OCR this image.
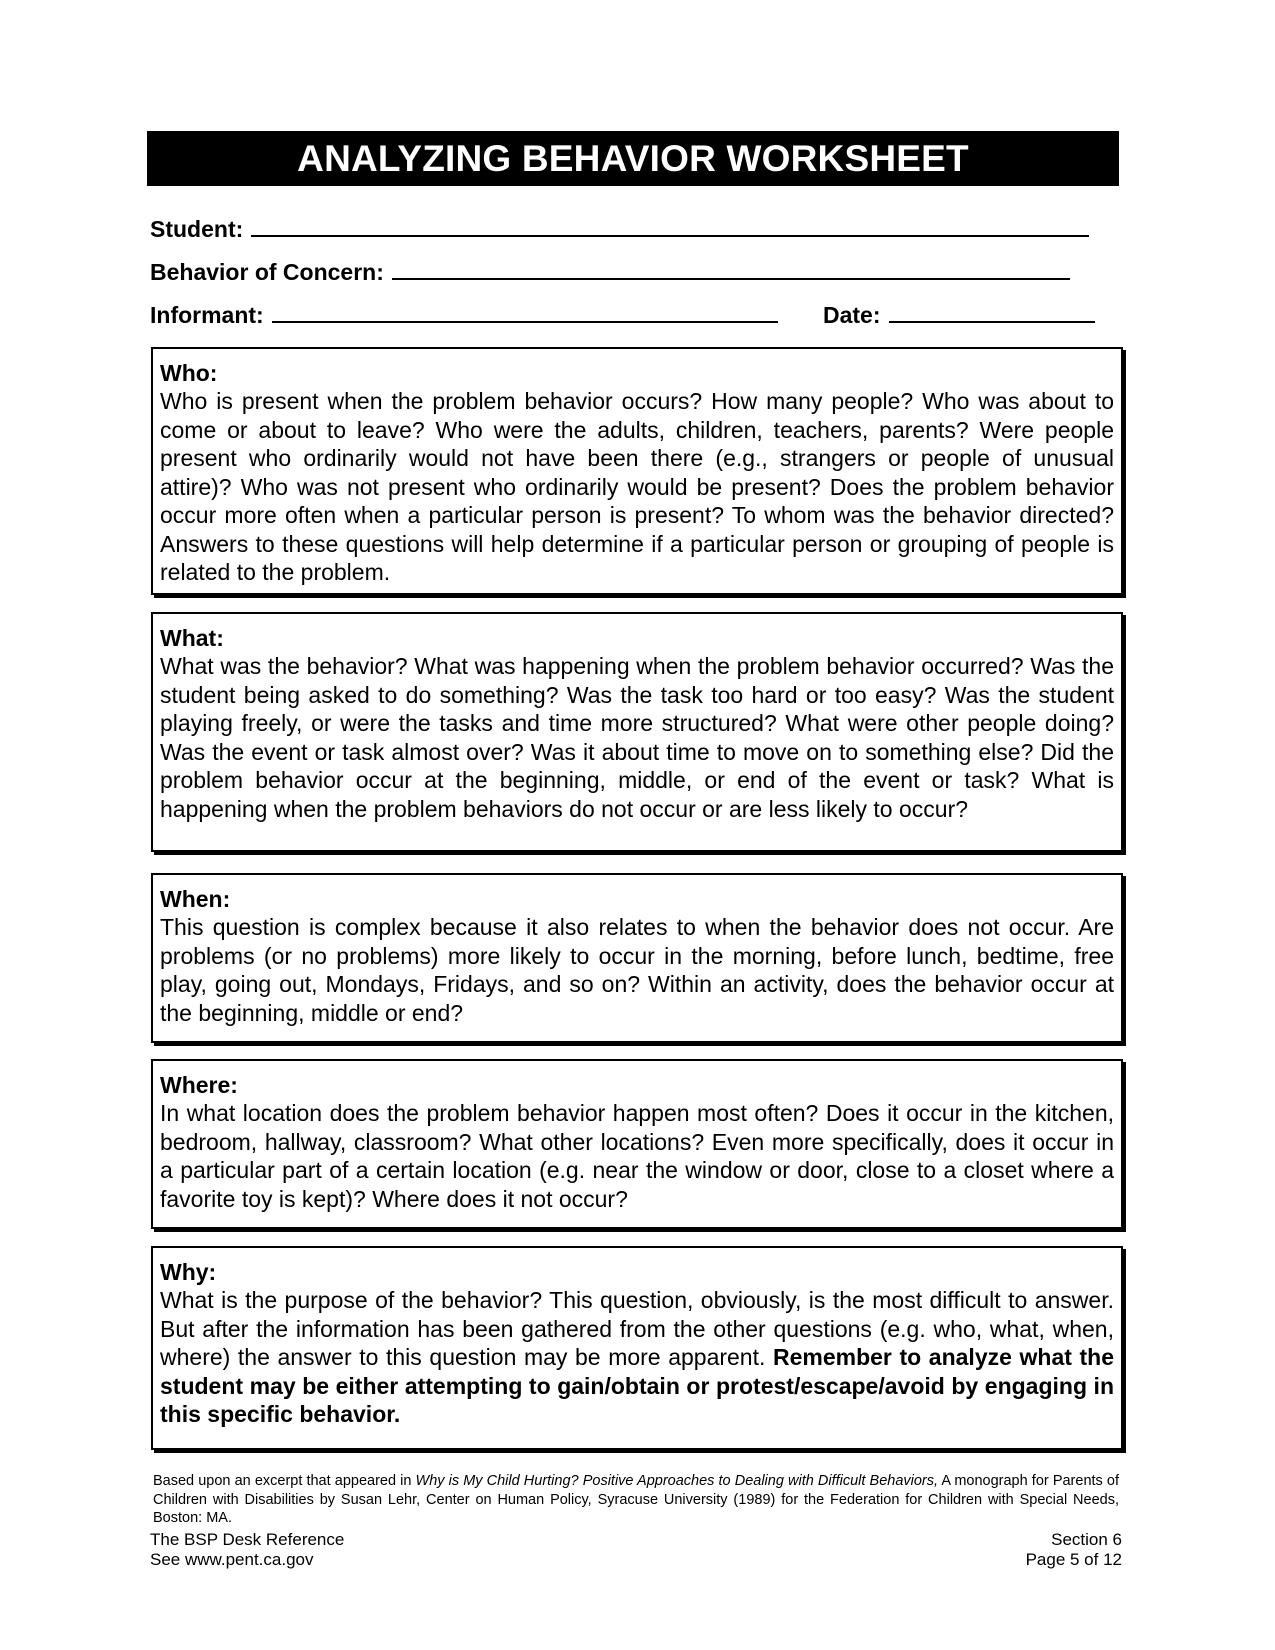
ANALYZING BEHAVIOR WORKSHEET
Student:
Behavior of Concern:
Informant:	Date:
Who:
Who is present when the problem behavior occurs? How many people? Who was about to come or about to leave? Who were the adults, children, teachers, parents? Were people present who ordinarily would not have been there (e.g., strangers or people of unusual attire)? Who was not present who ordinarily would be present? Does the problem behavior occur more often when a particular person is present? To whom was the behavior directed? Answers to these questions will help determine if a particular person or grouping of people is related to the problem.
What:
What was the behavior? What was happening when the problem behavior occurred? Was the student being asked to do something? Was the task too hard or too easy? Was the student playing freely, or were the tasks and time more structured? What were other people doing? Was the event or task almost over? Was it about time to move on to something else? Did the problem behavior occur at the beginning, middle, or end of the event or task? What is happening when the problem behaviors do not occur or are less likely to occur?
When:
This question is complex because it also relates to when the behavior does not occur. Are problems (or no problems) more likely to occur in the morning, before lunch, bedtime, free play, going out, Mondays, Fridays, and so on? Within an activity, does the behavior occur at the beginning, middle or end?
Where:
In what location does the problem behavior happen most often? Does it occur in the kitchen, bedroom, hallway, classroom? What other locations? Even more specifically, does it occur in a particular part of a certain location (e.g. near the window or door, close to a closet where a favorite toy is kept)? Where does it not occur?
Why:
What is the purpose of the behavior? This question, obviously, is the most difficult to answer. But after the information has been gathered from the other questions (e.g. who, what, when, where) the answer to this question may be more apparent. Remember to analyze what the student may be either attempting to gain/obtain or protest/escape/avoid by engaging in this specific behavior.
Based upon an excerpt that appeared in Why is My Child Hurting? Positive Approaches to Dealing with Difficult Behaviors, A monograph for Parents of Children with Disabilities by Susan Lehr, Center on Human Policy, Syracuse University (1989) for the Federation for Children with Special Needs, Boston: MA.
The BSP Desk Reference
See www.pent.ca.gov
Section 6
Page 5 of 12
